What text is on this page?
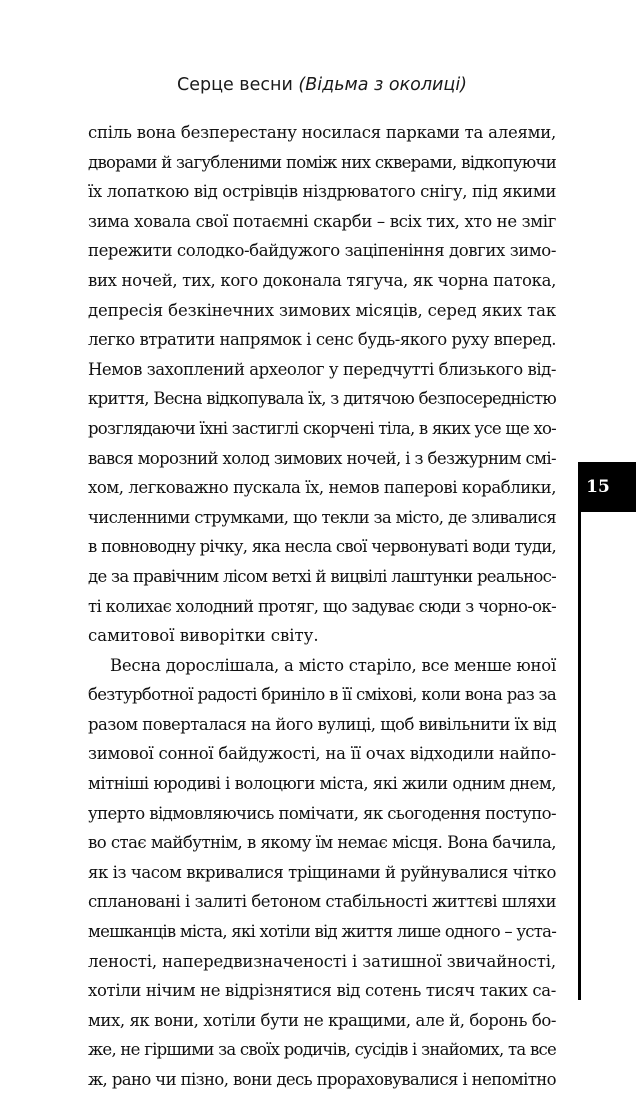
Серце весни (Відьма з околиці)
спіль вона безперестану носилася парками та алеями,
дворами й загубленими поміж них скверами, відкопуючи
їх лопаткою від острівців ніздрюватого снігу, під якими
зима ховала свої потаємні скарби – всіх тих, хто не зміг
пережити солодко-байдужого заціпеніння довгих зимо-
вих ночей, тих, кого доконала тягуча, як чорна патока,
депресія безкінечних зимових місяців, серед яких так
легко втратити напрямок і сенс будь-якого руху вперед.
Немов захоплений археолог у передчутті близького від-
криття, Весна відкопувала їх, з дитячою безпосередністю
розглядаючи їхні застиглі скорчені тіла, в яких усе ще хо-
вався морозний холод зимових ночей, і з безжурним смі-
хом, легковажно пускала їх, немов паперові кораблики,
численними струмками, що текли за місто, де зливалися
в повноводну річку, яка несла свої червонуваті води туди,
де за правічним лісом ветхі й вицвілі лаштунки реальнос-
ті колихає холодний протяг, що задуває сюди з чорно-ок-
самитової виворітки світу.
Весна дорослішала, а місто старіло, все менше юної
безтурботної радості бриніло в її сміхові, коли вона раз за
разом поверталася на його вулиці, щоб вивільнити їх від
зимової сонної байдужості, на її очах відходили найпо-
мітніші юродиві і волоцюги міста, які жили одним днем,
уперто відмовляючись помічати, як сьогодення поступо-
во стає майбутнім, в якому їм немає місця. Вона бачила,
як із часом вкривалися тріщинами й руйнувалися чітко
сплановані і залиті бетоном стабільності життєві шляхи
мешканців міста, які хотіли від життя лише одного – уста-
леності, напередвизначеності і затишної звичайності,
хотіли нічим не відрізнятися від сотень тисяч таких са-
мих, як вони, хотіли бути не кращими, але й, боронь бо-
же, не гіршими за своїх родичів, сусідів і знайомих, та все
ж, рано чи пізно, вони десь прораховувалися і непомітно
15
